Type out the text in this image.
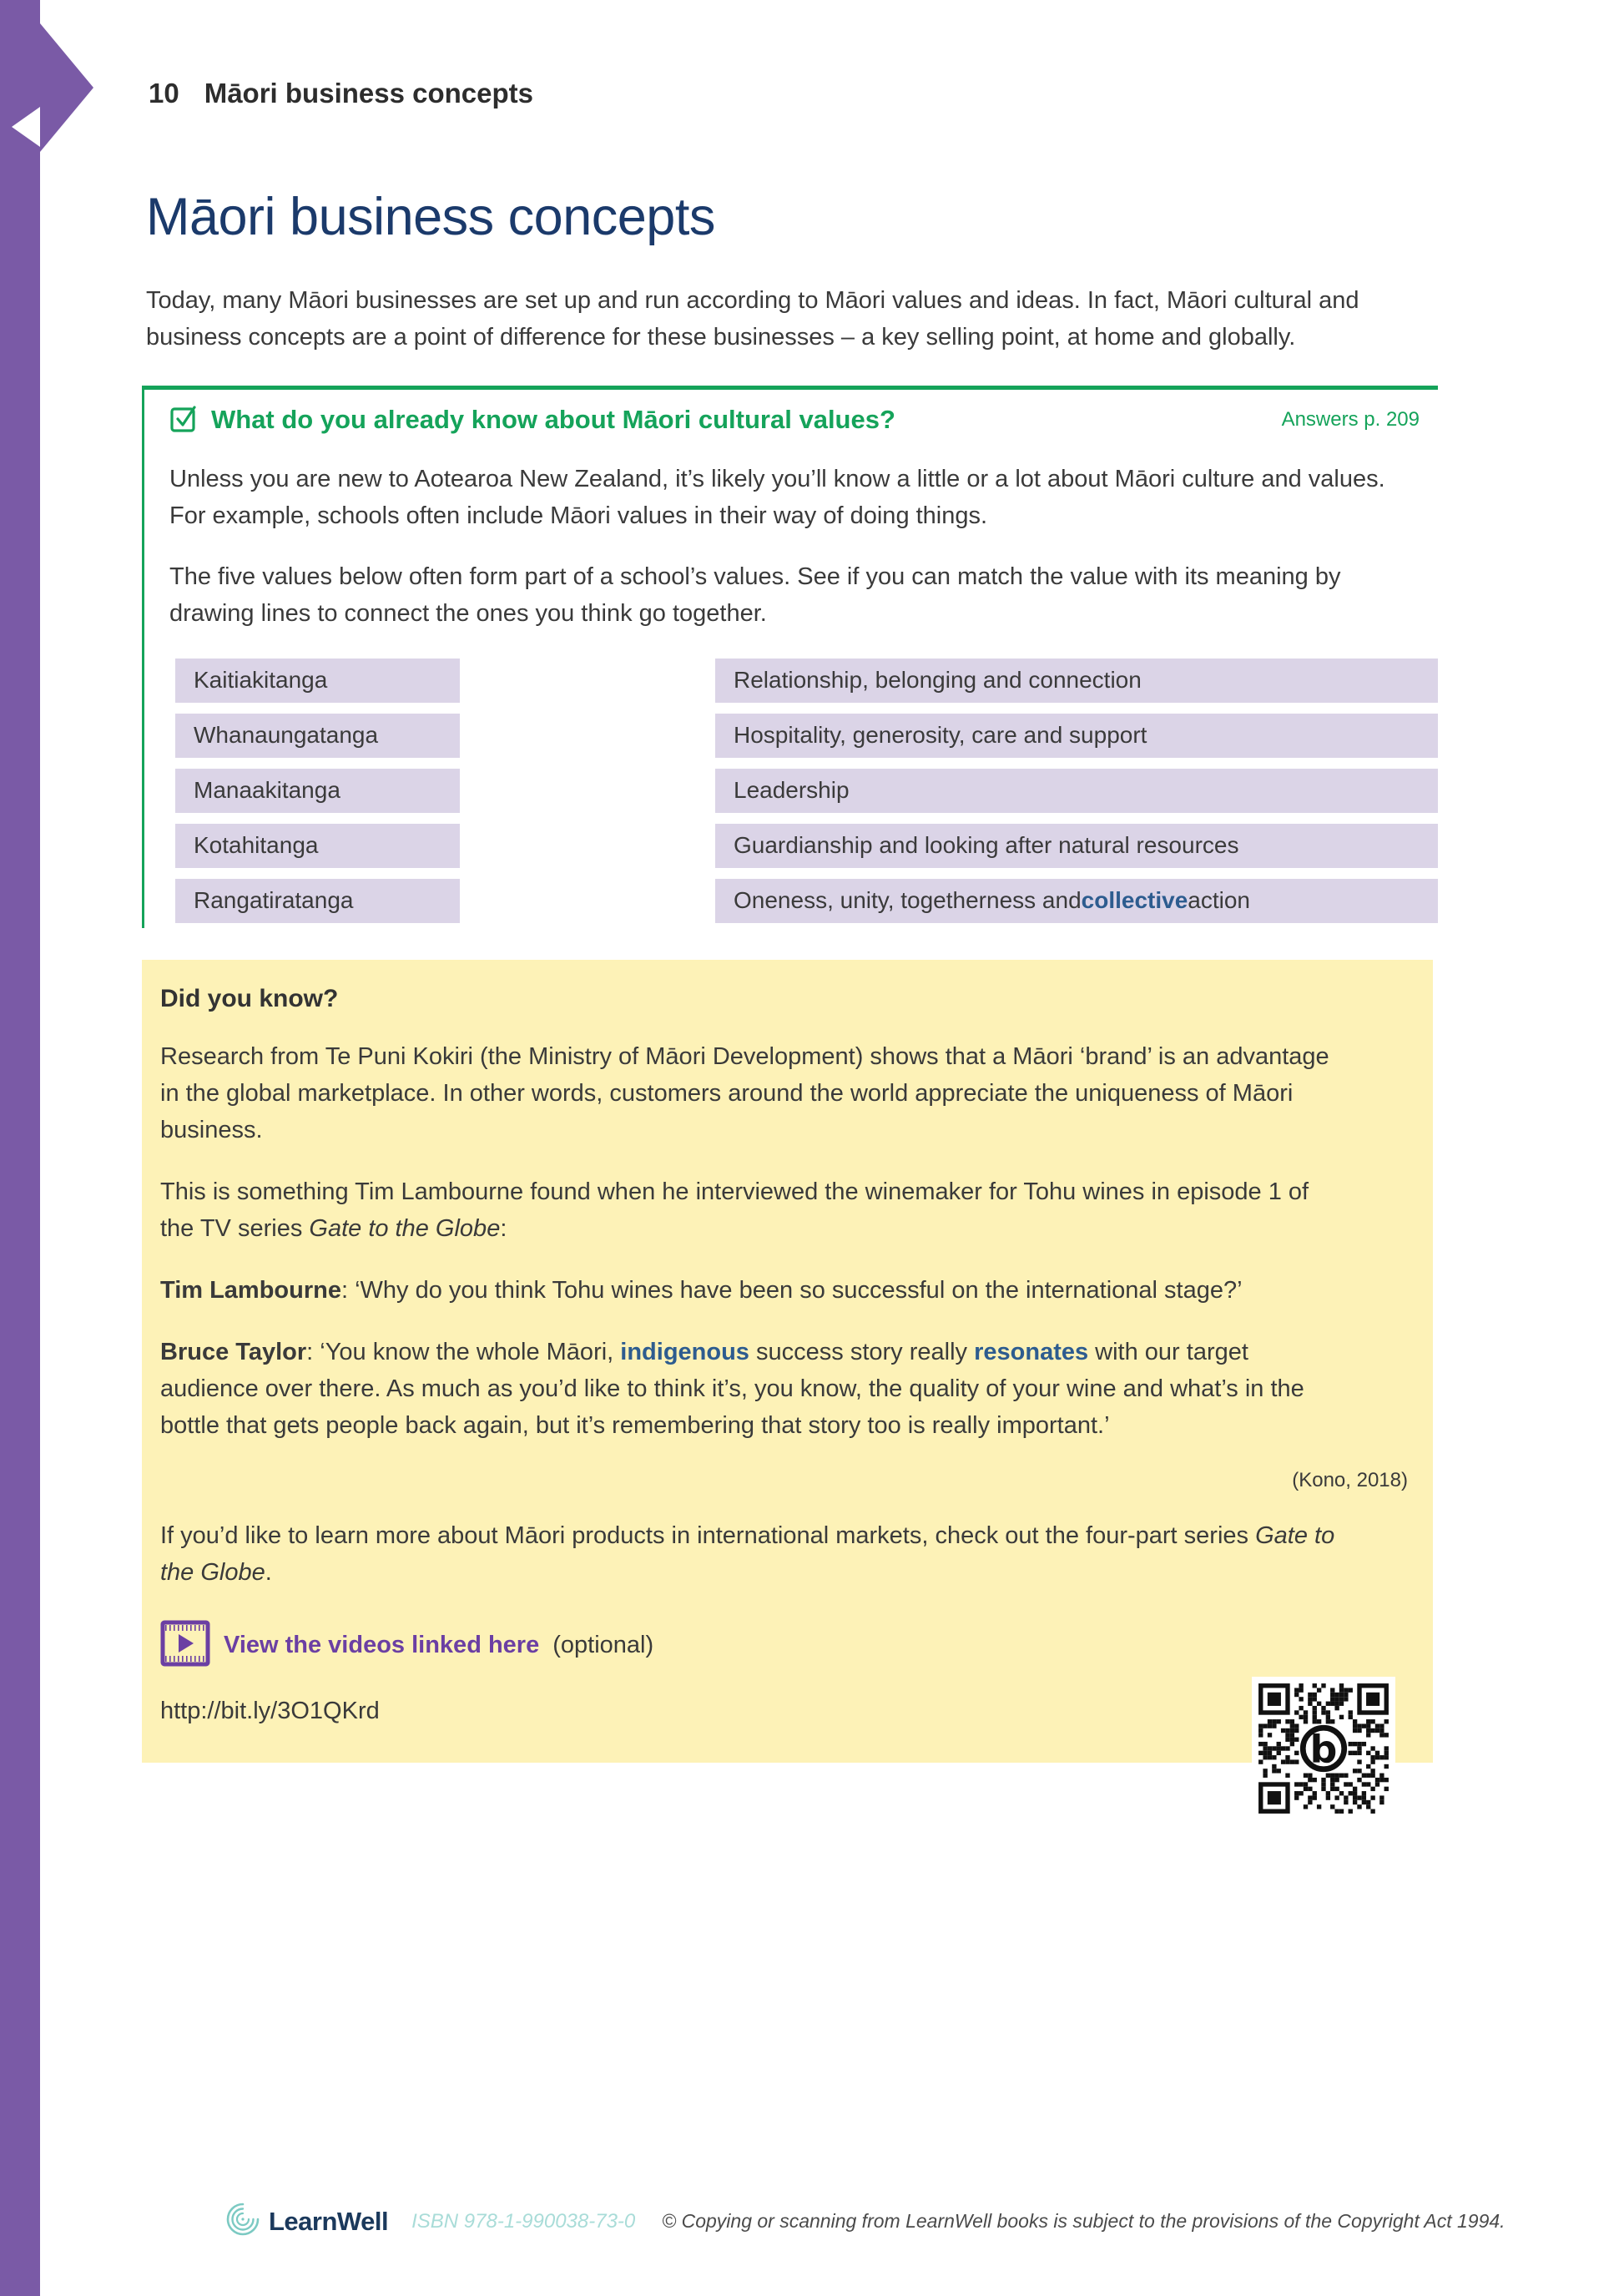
10 Māori business concepts
Māori business concepts

Today, many Māori businesses are set up and run according to Māori values and ideas. In fact, Māori cultural and business concepts are a point of difference for these businesses – a key selling point, at home and globally.

What do you already know about Māori cultural values?	Answers p. 209

Unless you are new to Aotearoa New Zealand, it’s likely you’ll know a little or a lot about Māori culture and values. For example, schools often include Māori values in their way of doing things.

The five values below often form part of a school’s values. See if you can match the value with its meaning by drawing lines to connect the ones you think go together.

Kaitiakitanga	Relationship, belonging and connection
Whanaungatanga	Hospitality, generosity, care and support
Manaakitanga	Leadership
Kotahitanga	Guardianship and looking after natural resources
Rangatiratanga	Oneness, unity, togetherness and collective action
Did you know?

Research from Te Puni Kokiri (the Ministry of Māori Development) shows that a Māori ‘brand’ is an advantage in the global marketplace. In other words, customers around the world appreciate the uniqueness of Māori business.

This is something Tim Lambourne found when he interviewed the winemaker for Tohu wines in episode 1 of the TV series Gate to the Globe:

Tim Lambourne: ‘Why do you think Tohu wines have been so successful on the international stage?’

Bruce Taylor: ‘You know the whole Māori, indigenous success story really resonates with our target audience over there. As much as you’d like to think it’s, you know, the quality of your wine and what’s in the bottle that gets people back again, but it’s remembering that story too is really important.’

(Kono, 2018)

If you’d like to learn more about Māori products in international markets, check out the four-part series Gate to the Globe.

View the videos linked here (optional)
http://bit.ly/3O1QKrd
b
LearnWell ISBN 978-1-990038-73-0 © Copying or scanning from LearnWell books is subject to the provisions of the Copyright Act 1994.
